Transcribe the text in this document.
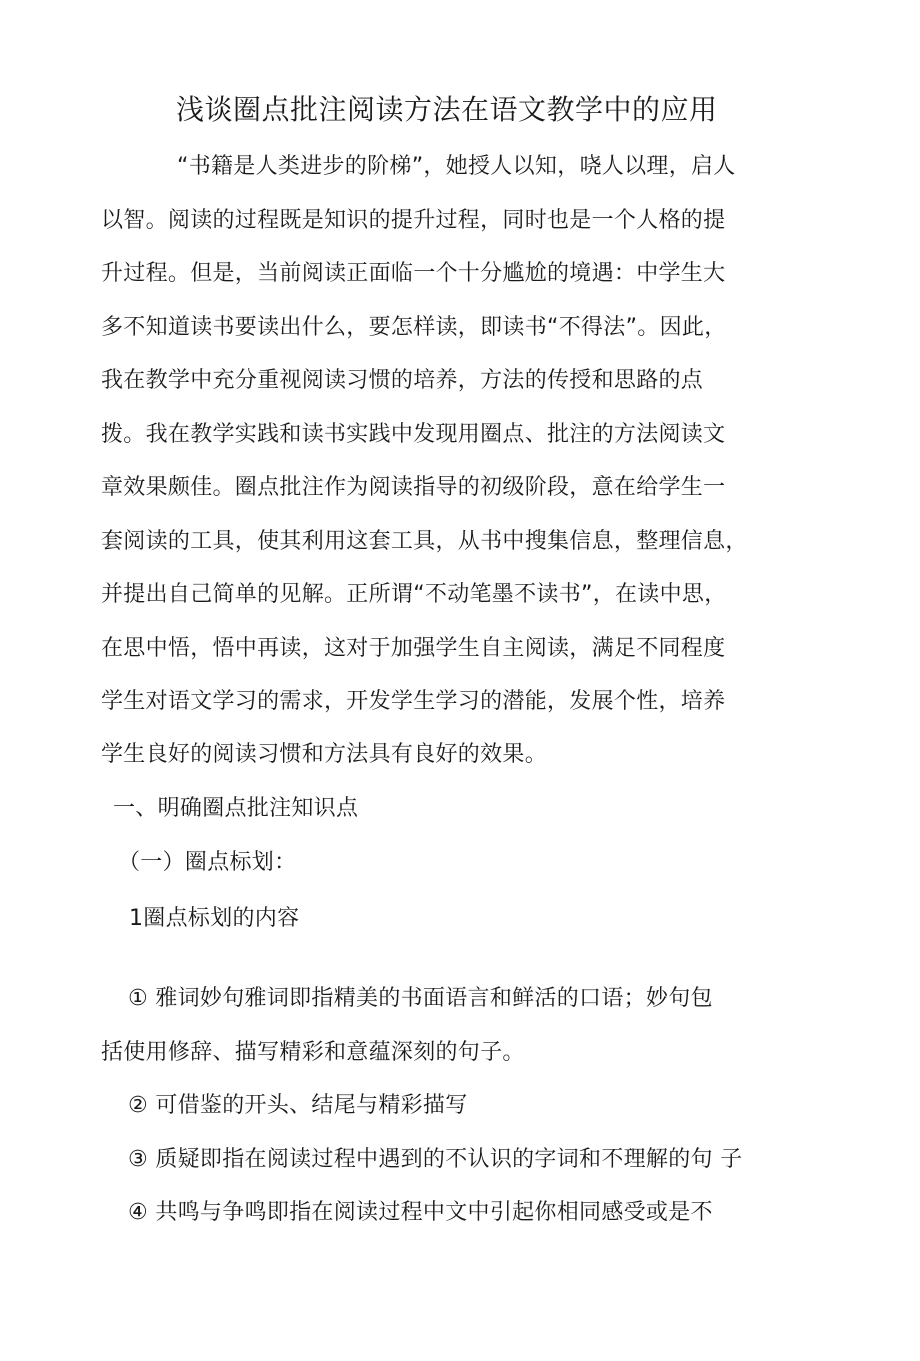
浅谈圈点批注阅读方法在语文教学中的应用
“书籍是人类进步的阶梯”，她授人以知，哓人以理，启人
以智。阅读的过程既是知识的提升过程，同时也是一个人格的提
升过程。但是，当前阅读正面临一个十分尴尬的境遇：中学生大
多不知道读书要读出什么，要怎样读，即读书“不得法”。因此，
我在教学中充分重视阅读习惯的培养，方法的传授和思路的点
拨。我在教学实践和读书实践中发现用圈点、批注的方法阅读文
章效果颇佳。圈点批注作为阅读指导的初级阶段，意在给学生一
套阅读的工具，使其利用这套工具，从书中搜集信息，整理信息，
并提出自己简单的见解。正所谓“不动笔墨不读书”，在读中思，
在思中悟，悟中再读，这对于加强学生自主阅读，满足不同程度
学生对语文学习的需求，开发学生学习的潜能，发展个性，培养
学生良好的阅读习惯和方法具有良好的效果。
一、明确圈点批注知识点
（一）圈点标划：
1圈点标划的内容
① 雅词妙句雅词即指精美的书面语言和鲜活的口语；妙句包
括使用修辞、描写精彩和意蕴深刻的句子。
② 可借鉴的开头、结尾与精彩描写
③ 质疑即指在阅读过程中遇到的不认识的字词和不理解的句 子
④ 共鸣与争鸣即指在阅读过程中文中引起你相同感受或是不
